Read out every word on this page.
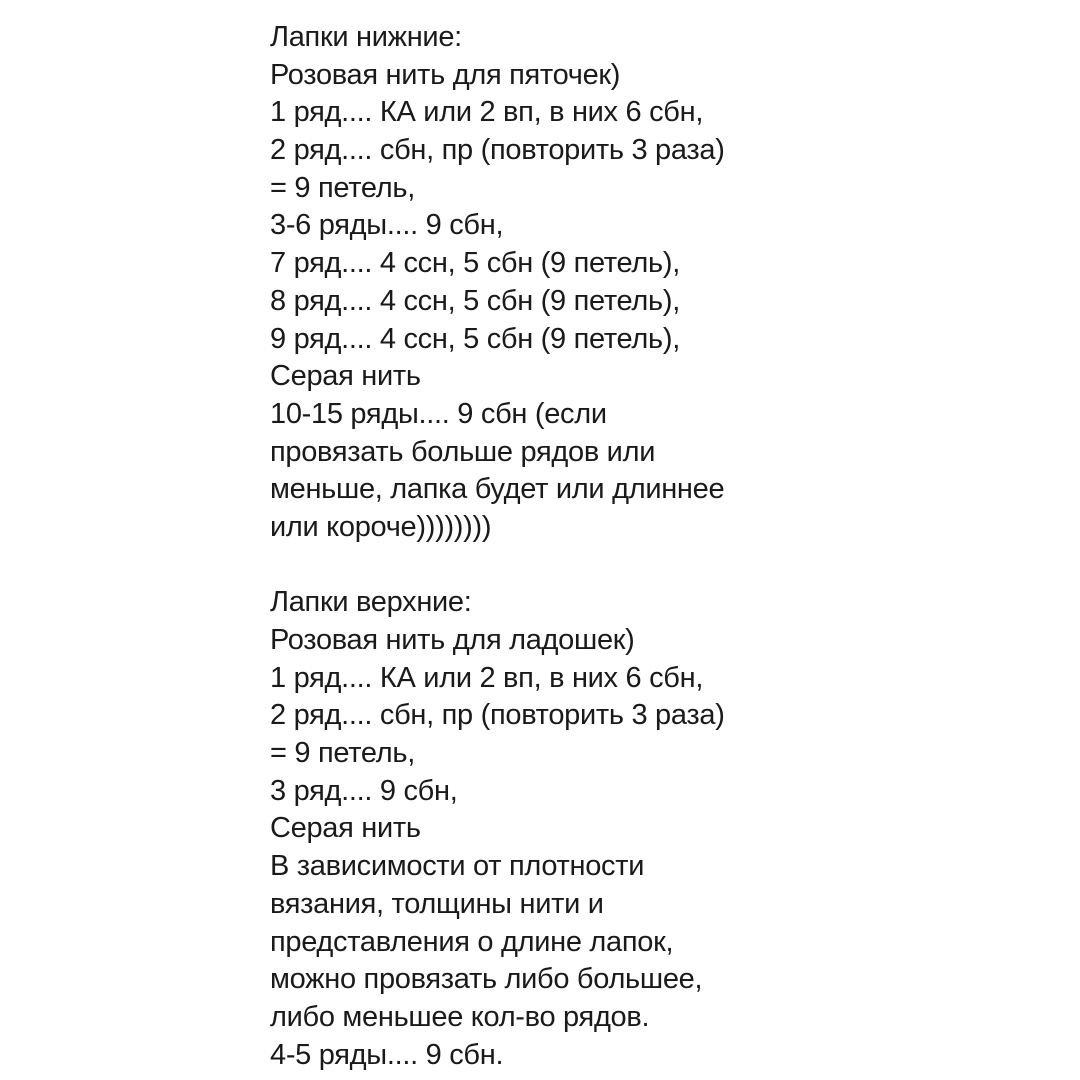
Лапки нижние:
Розовая нить для пяточек)
1 ряд.... КА или 2 вп, в них 6 сбн,
2 ряд.... сбн, пр (повторить 3 раза)
= 9 петель,
3-6 ряды.... 9 сбн,
7 ряд.... 4 ссн, 5 сбн (9 петель),
8 ряд.... 4 ссн, 5 сбн (9 петель),
9 ряд.... 4 ссн, 5 сбн (9 петель),
Серая нить
10-15 ряды.... 9 сбн (если
провязать больше рядов или
меньше, лапка будет или длиннее
или короче))))))))
Лапки верхние:
Розовая нить для ладошек)
1 ряд.... КА или 2 вп, в них 6 сбн,
2 ряд.... сбн, пр (повторить 3 раза)
= 9 петель,
3 ряд.... 9 сбн,
Серая нить
В зависимости от плотности
вязания, толщины нити и
представления о длине лапок,
можно провязать либо большее,
либо меньшее кол-во рядов.
4-5 ряды.... 9 сбн.
